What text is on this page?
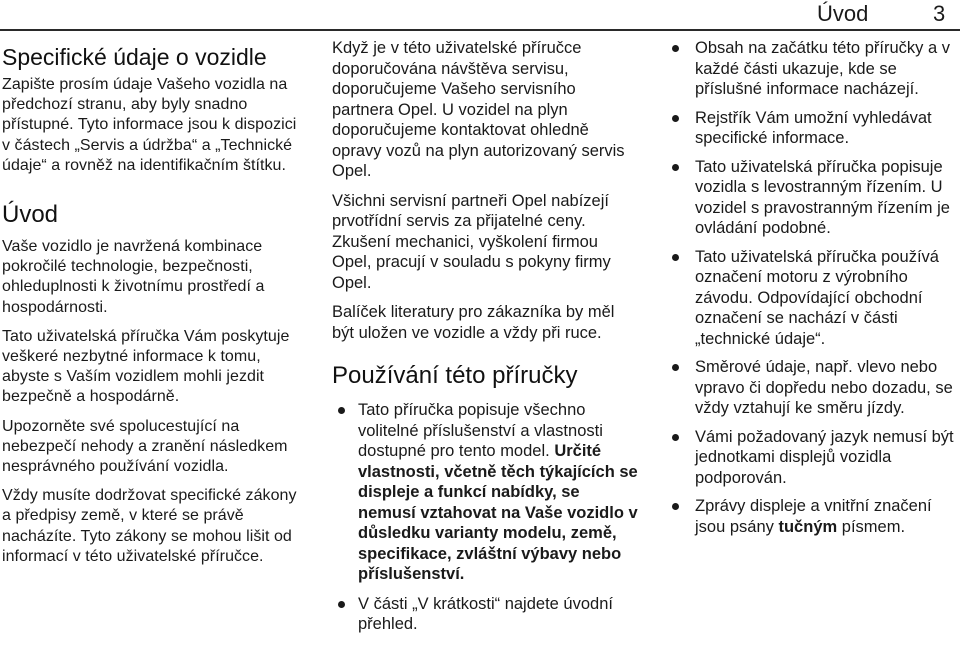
Úvod	3
Specifické údaje o vozidle

Zapište prosím údaje Vašeho vozidla na předchozí stranu, aby byly snadno přístupné. Tyto informace jsou k dispozici v částech „Servis a údržba“ a „Technické údaje“ a rovněž na identifikačním štítku.

Úvod

Vaše vozidlo je navržená kombinace pokročilé technologie, bezpečnosti, ohleduplnosti k životnímu prostředí a hospodárnosti.

Tato uživatelská příručka Vám poskytuje veškeré nezbytné informace k tomu, abyste s Vaším vozidlem mohli jezdit bezpečně a hospodárně.

Upozorněte své spolucestující na nebezpečí nehody a zranění následkem nesprávného používání vozidla.

Vždy musíte dodržovat specifické zákony a předpisy země, v které se právě nacházíte. Tyto zákony se mohou lišit od informací v této uživatelské příručce.

Když je v této uživatelské příručce doporučována návštěva servisu, doporučujeme Vašeho servisního partnera Opel. U vozidel na plyn doporučujeme kontaktovat ohledně opravy vozů na plyn autorizovaný servis Opel.

Všichni servisní partneři Opel nabízejí prvotřídní servis za přijatelné ceny. Zkušení mechanici, vyškolení firmou Opel, pracují v souladu s pokyny firmy Opel.

Balíček literatury pro zákazníka by měl být uložen ve vozidle a vždy při ruce.

Používání této příručky
Tato příručka popisuje všechno volitelné příslušenství a vlastnosti dostupné pro tento model. Určité vlastnosti, včetně těch týkajících se displeje a funkcí nabídky, se nemusí vztahovat na Vaše vozidlo v důsledku varianty modelu, země, specifikace, zvláštní výbavy nebo příslušenství.
V části „V krátkosti“ najdete úvodní přehled.
Obsah na začátku této příručky a v každé části ukazuje, kde se příslušné informace nacházejí.
Rejstřík Vám umožní vyhledávat specifické informace.
Tato uživatelská příručka popisuje vozidla s levostranným řízením. U vozidel s pravostranným řízením je ovládání podobné.
Tato uživatelská příručka používá označení motoru z výrobního závodu. Odpovídající obchodní označení se nachází v části „technické údaje“.
Směrové údaje, např. vlevo nebo vpravo či dopředu nebo dozadu, se vždy vztahují ke směru jízdy.
Vámi požadovaný jazyk nemusí být jednotkami displejů vozidla podporován.
Zprávy displeje a vnitřní značení jsou psány tučným písmem.
